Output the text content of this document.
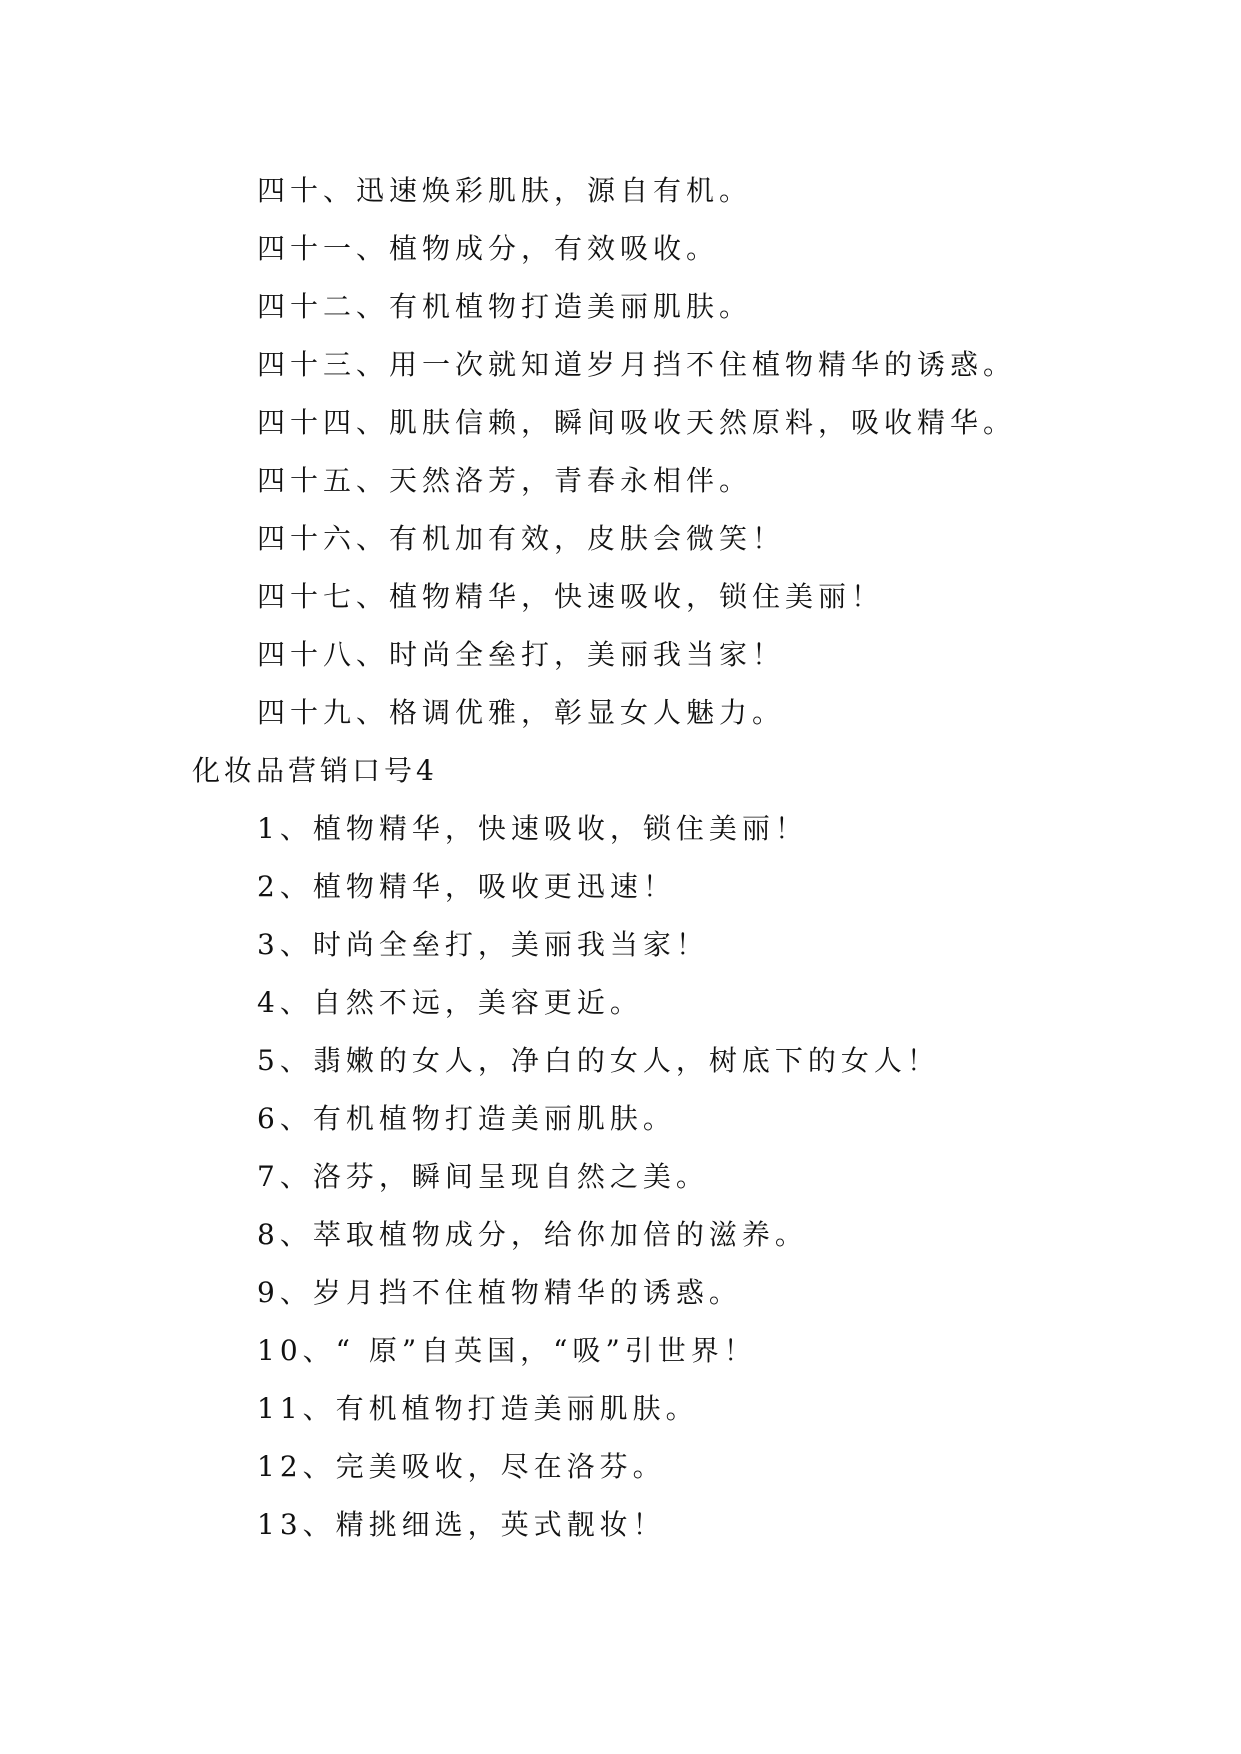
四十、迅速焕彩肌肤，源自有机。
四十一、植物成分，有效吸收。
四十二、有机植物打造美丽肌肤。
四十三、用一次就知道岁月挡不住植物精华的诱惑。
四十四、肌肤信赖，瞬间吸收天然原料，吸收精华。
四十五、天然洛芳，青春永相伴。
四十六、有机加有效，皮肤会微笑！
四十七、植物精华，快速吸收，锁住美丽！
四十八、时尚全垒打，美丽我当家！
四十九、格调优雅，彰显女人魅力。
化妆品营销口号4
1、植物精华，快速吸收，锁住美丽！
2、植物精华，吸收更迅速！
3、时尚全垒打，美丽我当家！
4、自然不远，美容更近。
5、翡嫩的女人，净白的女人，树底下的女人！
6、有机植物打造美丽肌肤。
7、洛芬，瞬间呈现自然之美。
8、萃取植物成分，给你加倍的滋养。
9、岁月挡不住植物精华的诱惑。
10、“ 原”自英国，“吸”引世界！
11、有机植物打造美丽肌肤。
12、完美吸收，尽在洛芬。
13、精挑细选，英式靓妆！
